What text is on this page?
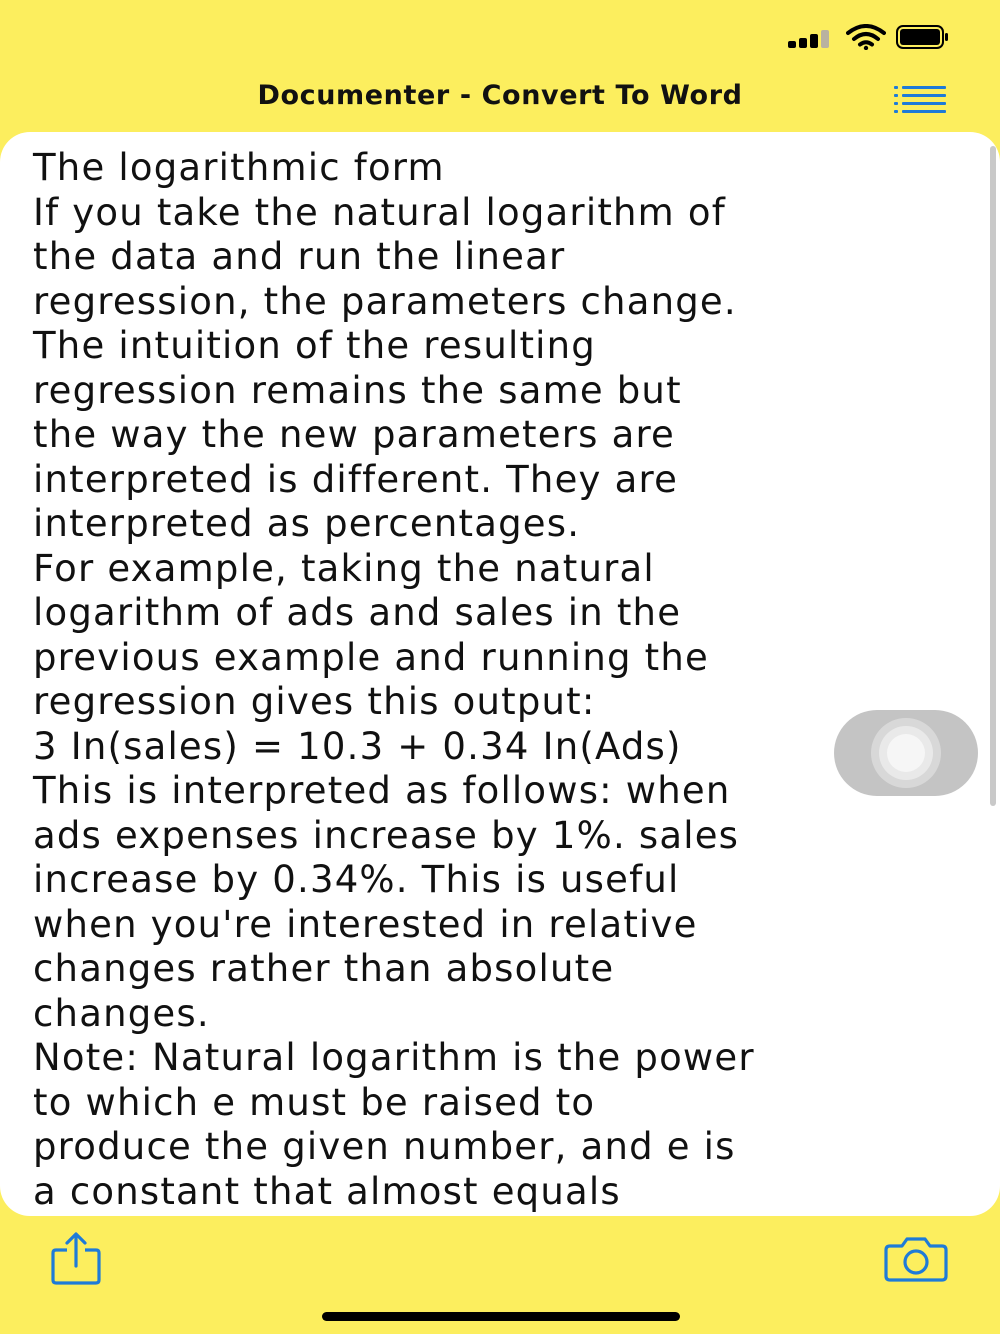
Documenter - Convert To Word
The logarithmic form
If you take the natural logarithm of
the data and run the linear
regression, the parameters change.
The intuition of the resulting
regression remains the same but
the way the new parameters are
interpreted is different. They are
interpreted as percentages.
For example, taking the natural
logarithm of ads and sales in the
previous example and running the
regression gives this output:
3 In(sales) = 10.3 + 0.34 In(Ads)
This is interpreted as follows: when
ads expenses increase by 1%. sales
increase by 0.34%. This is useful
when you're interested in relative
changes rather than absolute
changes.
Note: Natural logarithm is the power
to which e must be raised to
produce the given number, and e is
a constant that almost equals
